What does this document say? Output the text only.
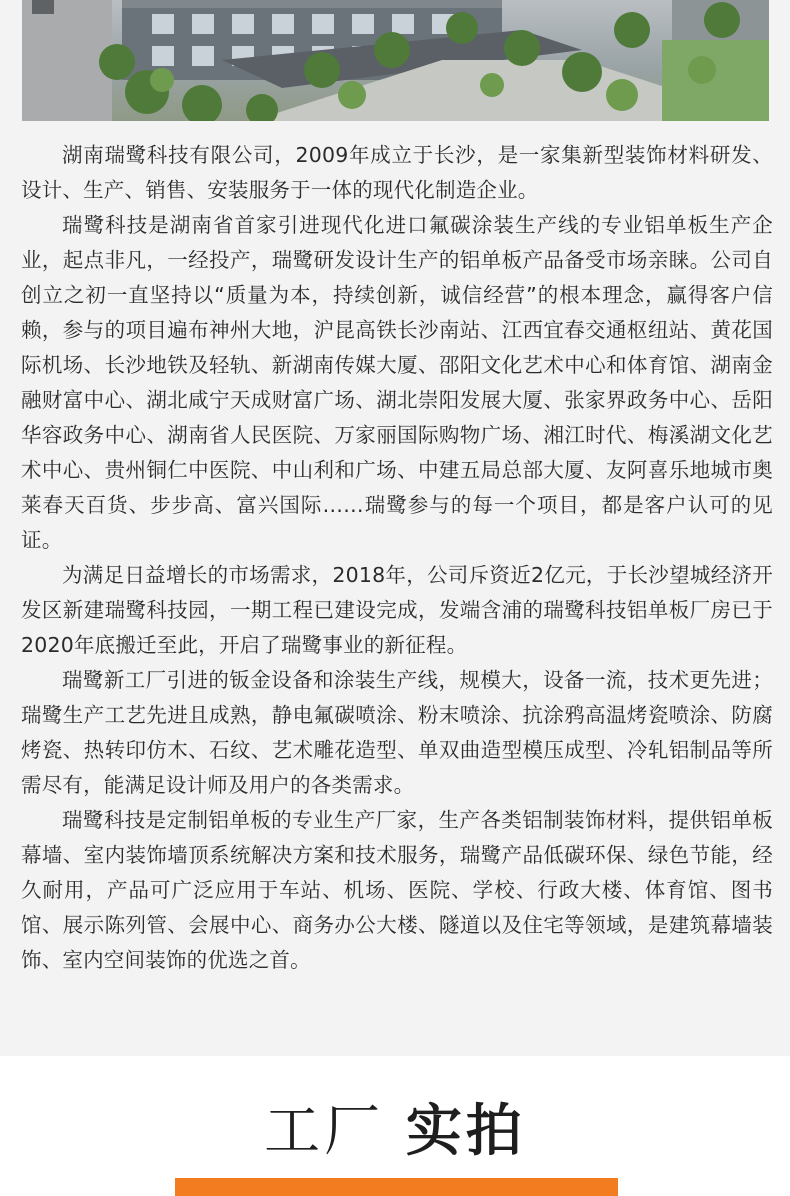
湖南瑞鹭科技有限公司，2009年成立于长沙，是一家集新型装饰材料研发、设计、生产、销售、安装服务于一体的现代化制造企业。

瑞鹭科技是湖南省首家引进现代化进口氟碳涂装生产线的专业铝单板生产企业，起点非凡，一经投产，瑞鹭研发设计生产的铝单板产品备受市场亲睐。公司自创立之初一直坚持以“质量为本，持续创新，诚信经营”的根本理念，赢得客户信赖，参与的项目遍布神州大地，沪昆高铁长沙南站、江西宜春交通枢纽站、黄花国际机场、长沙地铁及轻轨、新湖南传媒大厦、邵阳文化艺术中心和体育馆、湖南金融财富中心、湖北咸宁天成财富广场、湖北崇阳发展大厦、张家界政务中心、岳阳华容政务中心、湖南省人民医院、万家丽国际购物广场、湘江时代、梅溪湖文化艺术中心、贵州铜仁中医院、中山利和广场、中建五局总部大厦、友阿喜乐地城市奥莱春天百货、步步高、富兴国际……瑞鹭参与的每一个项目，都是客户认可的见证。

为满足日益增长的市场需求，2018年，公司斥资近2亿元，于长沙望城经济开发区新建瑞鹭科技园，一期工程已建设完成，发端含浦的瑞鹭科技铝单板厂房已于2020年底搬迁至此，开启了瑞鹭事业的新征程。

瑞鹭新工厂引进的钣金设备和涂装生产线，规模大，设备一流，技术更先进；瑞鹭生产工艺先进且成熟，静电氟碳喷涂、粉末喷涂、抗涂鸦高温烤瓷喷涂、防腐烤瓷、热转印仿木、石纹、艺术雕花造型、单双曲造型模压成型、冷轧铝制品等所需尽有，能满足设计师及用户的各类需求。

瑞鹭科技是定制铝单板的专业生产厂家，生产各类铝制装饰材料，提供铝单板幕墙、室内装饰墙顶系统解决方案和技术服务，瑞鹭产品低碳环保、绿色节能，经久耐用，产品可广泛应用于车站、机场、医院、学校、行政大楼、体育馆、图书馆、展示陈列管、会展中心、商务办公大楼、隧道以及住宅等领域，是建筑幕墙装饰、室内空间装饰的优选之首。

工厂 实拍
